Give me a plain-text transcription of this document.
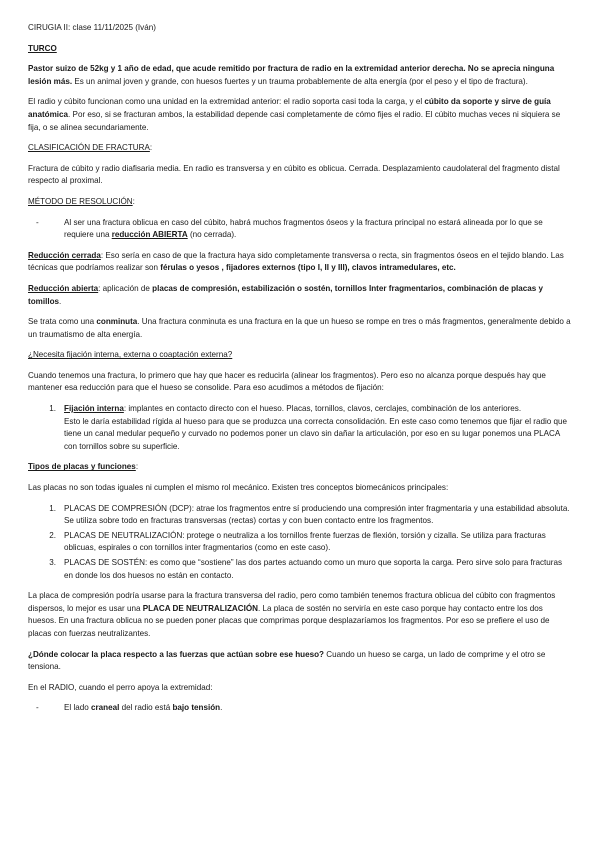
CIRUGIA II: clase 11/11/2025 (Iván)

TURCO

Pastor suizo de 52kg y 1 año de edad, que acude remitido por fractura de radio en la extremidad anterior derecha. No se aprecia ninguna lesión más. Es un animal joven y grande, con huesos fuertes y un trauma probablemente de alta energía (por el peso y el tipo de fractura).

El radio y cúbito funcionan como una unidad en la extremidad anterior: el radio soporta casi toda la carga, y el cúbito da soporte y sirve de guía anatómica. Por eso, si se fracturan ambos, la estabilidad depende casi completamente de cómo fijes el radio. El cúbito muchas veces ni siquiera se fija, o se alinea secundariamente.

CLASIFICACIÓN DE FRACTURA:

Fractura de cúbito y radio diafisaria media. En radio es transversa y en cúbito es oblicua. Cerrada. Desplazamiento caudolateral del fragmento distal respecto al proximal.

MÉTODO DE RESOLUCIÓN:

-	Al ser una fractura oblicua en caso del cúbito, habrá muchos fragmentos óseos y la fractura principal no estará alineada por lo que se requiere una reducción ABIERTA (no cerrada).

Reducción cerrada: Eso sería en caso de que la fractura haya sido completamente transversa o recta, sin fragmentos óseos en el tejido blando. Las técnicas que podríamos realizar son férulas o yesos , fijadores externos (tipo I, II y III), clavos intramedulares, etc.

Reducción abierta: aplicación de placas de compresión, estabilización o sostén, tornillos Inter fragmentarios, combinación de placas y tomillos.

Se trata como una conminuta. Una fractura conminuta es una fractura en la que un hueso se rompe en tres o más fragmentos, generalmente debido a un traumatismo de alta energía.

¿Necesita fijación interna, externa o coaptación externa?

Cuando tenemos una fractura, lo primero que hay que hacer es reducirla (alinear los fragmentos). Pero eso no alcanza porque después hay que mantener esa reducción para que el hueso se consolide. Para eso acudimos a métodos de fijación:

1. Fijación interna: implantes en contacto directo con el hueso. Placas, tornillos, clavos, cerclajes, combinación de los anteriores.
Esto le daría estabilidad rígida al hueso para que se produzca una correcta consolidación. En este caso como tenemos que fijar el radio que tiene un canal medular pequeño y curvado no podemos poner un clavo sin dañar la articulación, por eso en su lugar ponemos una PLACA con tornillos sobre su superficie.

Tipos de placas y funciones:

Las placas no son todas iguales ni cumplen el mismo rol mecánico. Existen tres conceptos biomecánicos principales:

1. PLACAS DE COMPRESIÓN (DCP): atrae los fragmentos entre sí produciendo una compresión inter fragmentaria y una estabilidad absoluta. Se utiliza sobre todo en fracturas transversas (rectas) cortas y con buen contacto entre los fragmentos.
2. PLACAS DE NEUTRALIZACIÓN: protege o neutraliza a los tornillos frente fuerzas de flexión, torsión y cizalla. Se utiliza para fracturas oblicuas, espirales o con tornillos inter fragmentarios (como en este caso).
3. PLACAS DE SOSTÉN: es como que “sostiene” las dos partes actuando como un muro que soporta la carga. Pero sirve solo para fracturas en donde los dos huesos no están en contacto.

La placa de compresión podría usarse para la fractura transversa del radio, pero como también tenemos fractura oblicua del cúbito con fragmentos dispersos, lo mejor es usar una PLACA DE NEUTRALIZACIÓN. La placa de sostén no serviría en este caso porque hay contacto entre los dos huesos. En una fractura oblicua no se pueden poner placas que comprimas porque desplazaríamos los fragmentos. Por eso se prefiere el uso de placas con fuerzas neutralizantes.

¿Dónde colocar la placa respecto a las fuerzas que actúan sobre ese hueso? Cuando un hueso se carga, un lado de comprime y el otro se tensiona.

En el RADIO, cuando el perro apoya la extremidad:

-	El lado craneal del radio está bajo tensión.
